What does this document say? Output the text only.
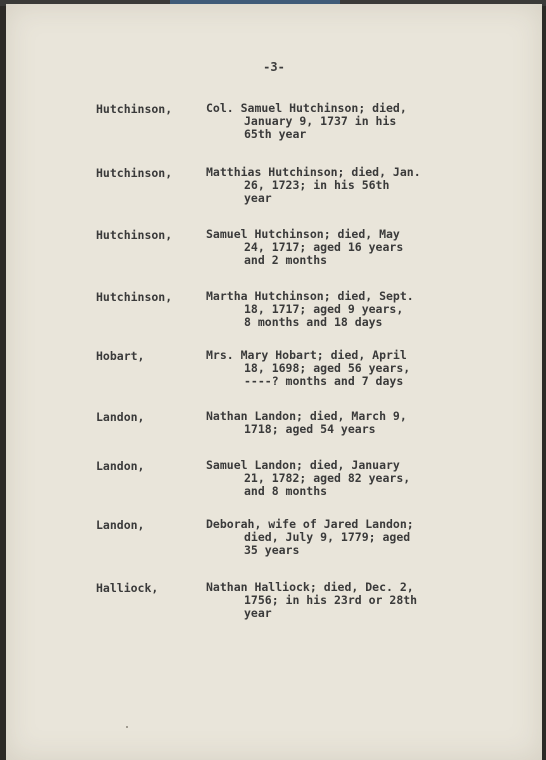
-3-
Hutchinson,	Col. Samuel Hutchinson; died,
January 9, 1737 in his
65th year
Hutchinson,	Matthias Hutchinson; died, Jan.
26, 1723; in his 56th
year
Hutchinson,	Samuel Hutchinson; died, May
24, 1717; aged 16 years
and 2 months
Hutchinson,	Martha Hutchinson; died, Sept.
18, 1717; aged 9 years,
8 months and 18 days
Hobart,	Mrs. Mary Hobart; died, April
18, 1698; aged 56 years,
----? months and 7 days
Landon,	Nathan Landon; died, March 9,
1718; aged 54 years
Landon,	Samuel Landon; died, January
21, 1782; aged 82 years,
and 8 months
Landon,	Deborah, wife of Jared Landon;
died, July 9, 1779; aged
35 years
Halliock,	Nathan Halliock; died, Dec. 2,
1756; in his 23rd or 28th
year
